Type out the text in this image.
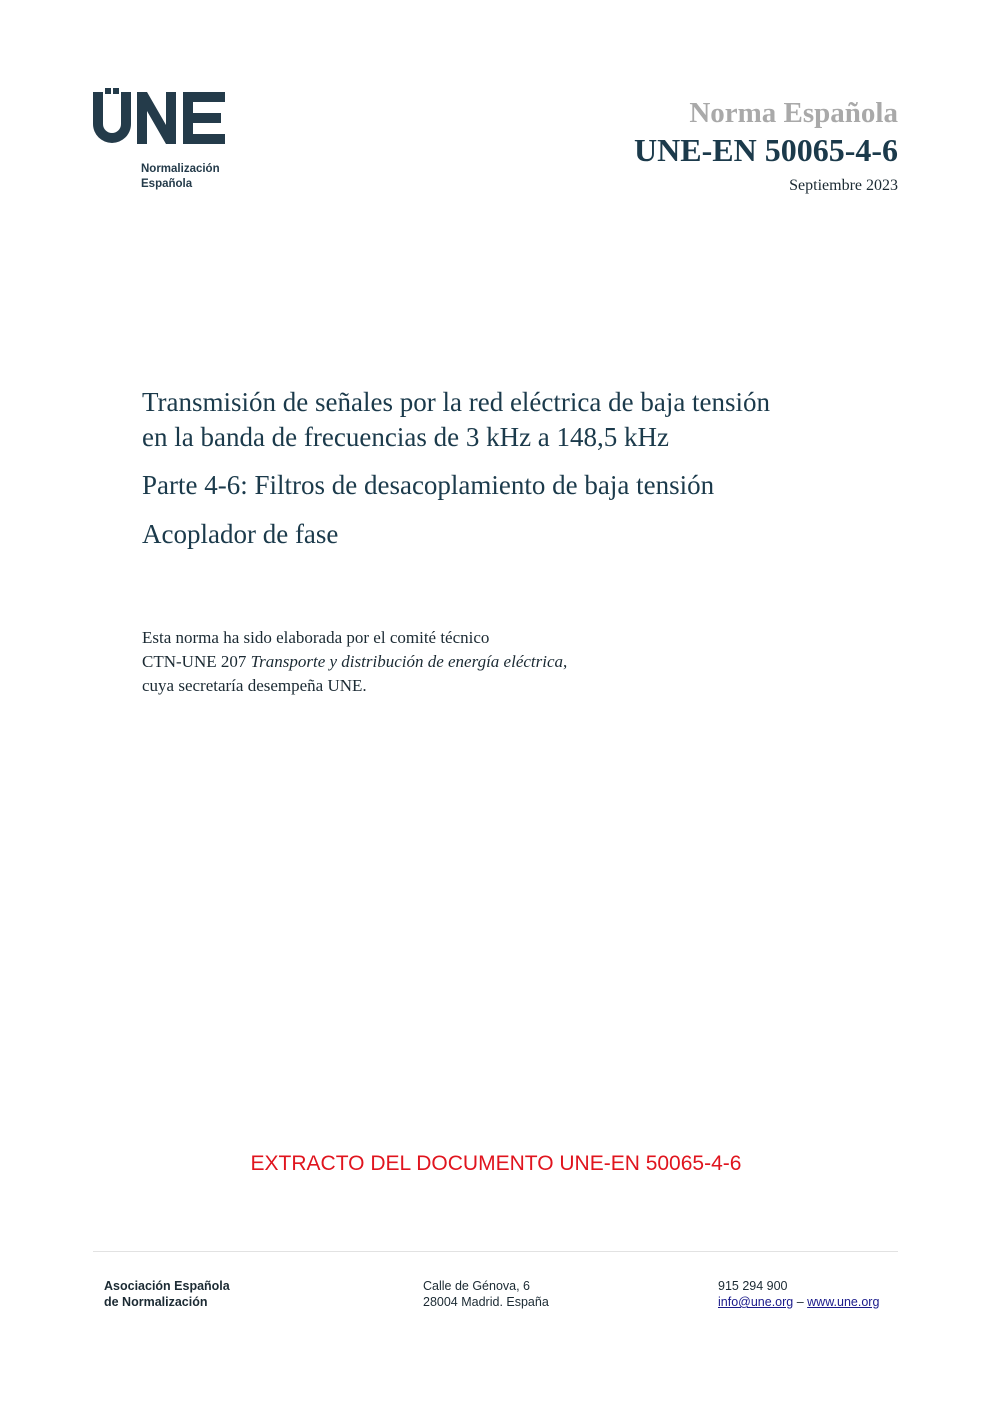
Normalización
Española
Norma Española
UNE-EN 50065-4-6
Septiembre 2023

Transmisión de señales por la red eléctrica de baja tensión
en la banda de frecuencias de 3 kHz a 148,5 kHz

Parte 4-6: Filtros de desacoplamiento de baja tensión

Acoplador de fase

Esta norma ha sido elaborada por el comité técnico
CTN-UNE 207 Transporte y distribución de energía eléctrica,
cuya secretaría desempeña UNE.
EXTRACTO DEL DOCUMENTO UNE-EN 50065-4-6
Asociación Española
de Normalización
Calle de Génova, 6
28004 Madrid. España
915 294 900
info@une.org – www.une.org
